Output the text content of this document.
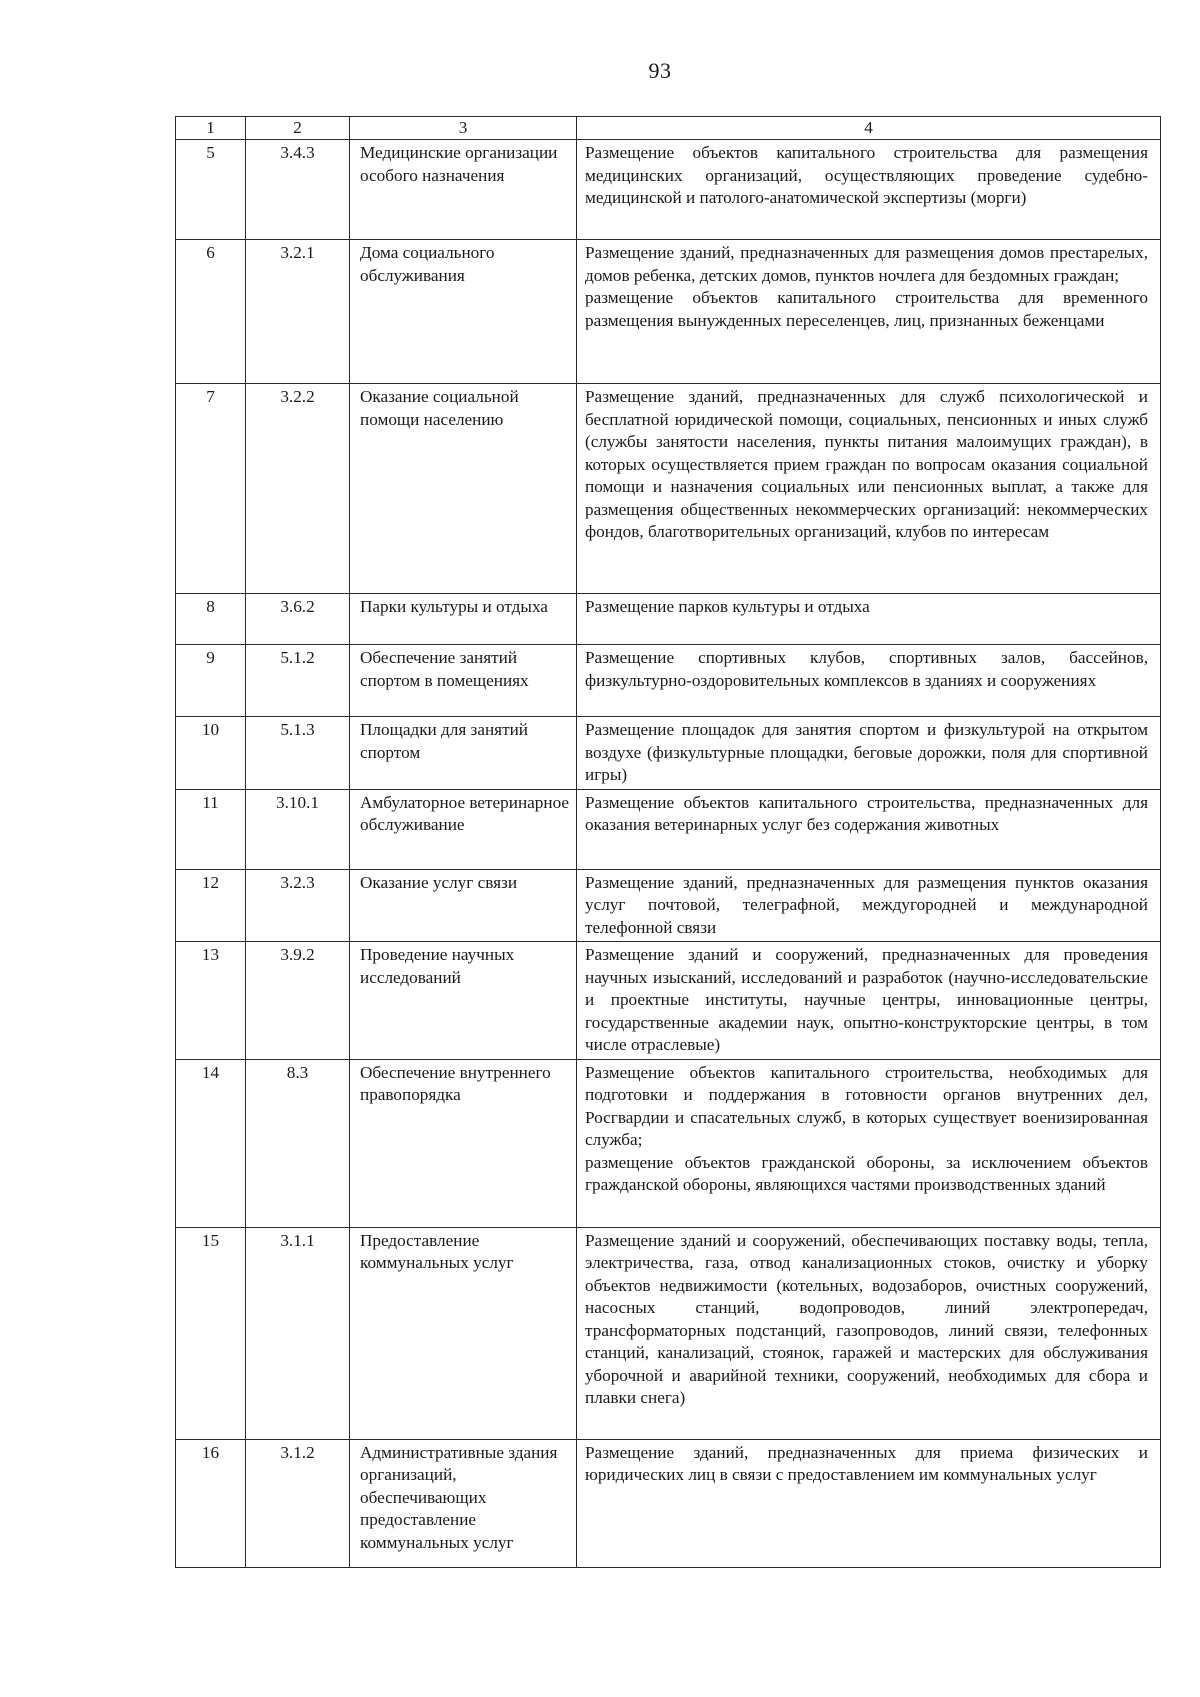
93
1	2	3	4
5	3.4.3	Медицинские организации особого назначения	Размещение объектов капитального строительства для размещения медицинских организаций, осуществляющих проведение судебно-медицинской и патолого-анатомической экспертизы (морги)

6	3.2.1	Дома социального обслуживания	Размещение зданий, предназначенных для размещения домов престарелых, домов ребенка, детских домов, пунктов ночлега для бездомных граждан;
размещение объектов капитального строительства для временного размещения вынужденных переселенцев, лиц, признанных беженцами

7	3.2.2	Оказание социальной помощи населению	Размещение зданий, предназначенных для служб психологической и бесплатной юридической помощи, социальных, пенсионных и иных служб (службы занятости населения, пункты питания малоимущих граждан), в которых осуществляется прием граждан по вопросам оказания социальной помощи и назначения социальных или пенсионных выплат, а также для размещения общественных некоммерческих организаций: некоммерческих фондов, благотворительных организаций, клубов по интересам

8	3.6.2	Парки культуры и отдыха	Размещение парков культуры и отдыха

9	5.1.2	Обеспечение занятий спортом в помещениях	Размещение спортивных клубов, спортивных залов, бассейнов, физкультурно-оздоровительных комплексов в зданиях и сооружениях

10	5.1.3	Площадки для занятий спортом	Размещение площадок для занятия спортом и физкультурой на открытом воздухе (физкультурные площадки, беговые дорожки, поля для спортивной игры)

11	3.10.1	Амбулаторное ветеринарное обслуживание	Размещение объектов капитального строительства, предназначенных для оказания ветеринарных услуг без содержания животных

12	3.2.3	Оказание услуг связи	Размещение зданий, предназначенных для размещения пунктов оказания услуг почтовой, телеграфной, междугородней и международной телефонной связи

13	3.9.2	Проведение научных исследований	Размещение зданий и сооружений, предназначенных для проведения научных изысканий, исследований и разработок (научно-исследовательские и проектные институты, научные центры, инновационные центры, государственные академии наук, опытно-конструкторские центры, в том числе отраслевые)

14	8.3	Обеспечение внутреннего правопорядка	Размещение объектов капитального строительства, необходимых для подготовки и поддержания в готовности органов внутренних дел, Росгвардии и спасательных служб, в которых существует военизированная служба;
размещение объектов гражданской обороны, за исключением объектов гражданской обороны, являющихся частями производственных зданий

15	3.1.1	Предоставление коммунальных услуг	Размещение зданий и сооружений, обеспечивающих поставку воды, тепла, электричества, газа, отвод канализационных стоков, очистку и уборку объектов недвижимости (котельных, водозаборов, очистных сооружений, насосных станций, водопроводов, линий электропередач, трансформаторных подстанций, газопроводов, линий связи, телефонных станций, канализаций, стоянок, гаражей и мастерских для обслуживания уборочной и аварийной техники, сооружений, необходимых для сбора и плавки снега)

16	3.1.2	Административные здания организаций, обеспечивающих предоставление коммунальных услуг	Размещение зданий, предназначенных для приема физических и юридических лиц в связи с предоставлением им коммунальных услуг
